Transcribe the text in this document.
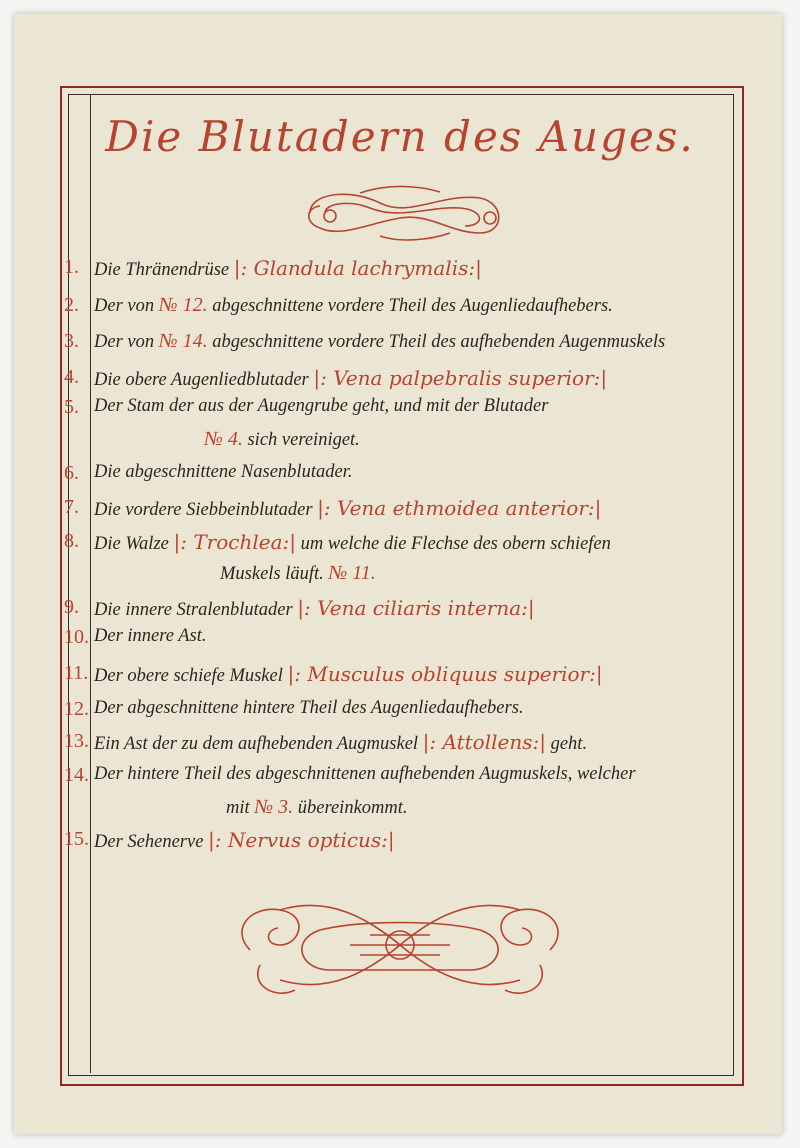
Die Blutadern des Auges.
1. Die Thränendrüse |: Glandula lachrymalis:|
2. Der von № 12. abgeschnittene vordere Theil des Augenliedaufhebers.
3. Der von № 14. abgeschnittene vordere Theil des aufhebenden Augenmuskels
4. Die obere Augenliedblutader |: Vena palpebralis superior:|
5. Der Stam der aus der Augengrube geht, und mit der Blutader
№ 4. sich vereiniget.
6. Die abgeschnittene Nasenblutader.
7. Die vordere Siebbeinblutader |: Vena ethmoidea anterior:|
8. Die Walze |: Trochlea:| um welche die Flechse des obern schiefen
Muskels läuft. № 11.
9. Die innere Stralenblutader |: Vena ciliaris interna:|
10. Der innere Ast.
11. Der obere schiefe Muskel |: Musculus obliquus superior:|
12. Der abgeschnittene hintere Theil des Augenliedaufhebers.
13. Ein Ast der zu dem aufhebenden Augmuskel |: Attollens:| geht.
14. Der hintere Theil des abgeschnittenen aufhebenden Augmuskels, welcher
mit № 3. übereinkommt.
15. Der Sehenerve |: Nervus opticus:|
